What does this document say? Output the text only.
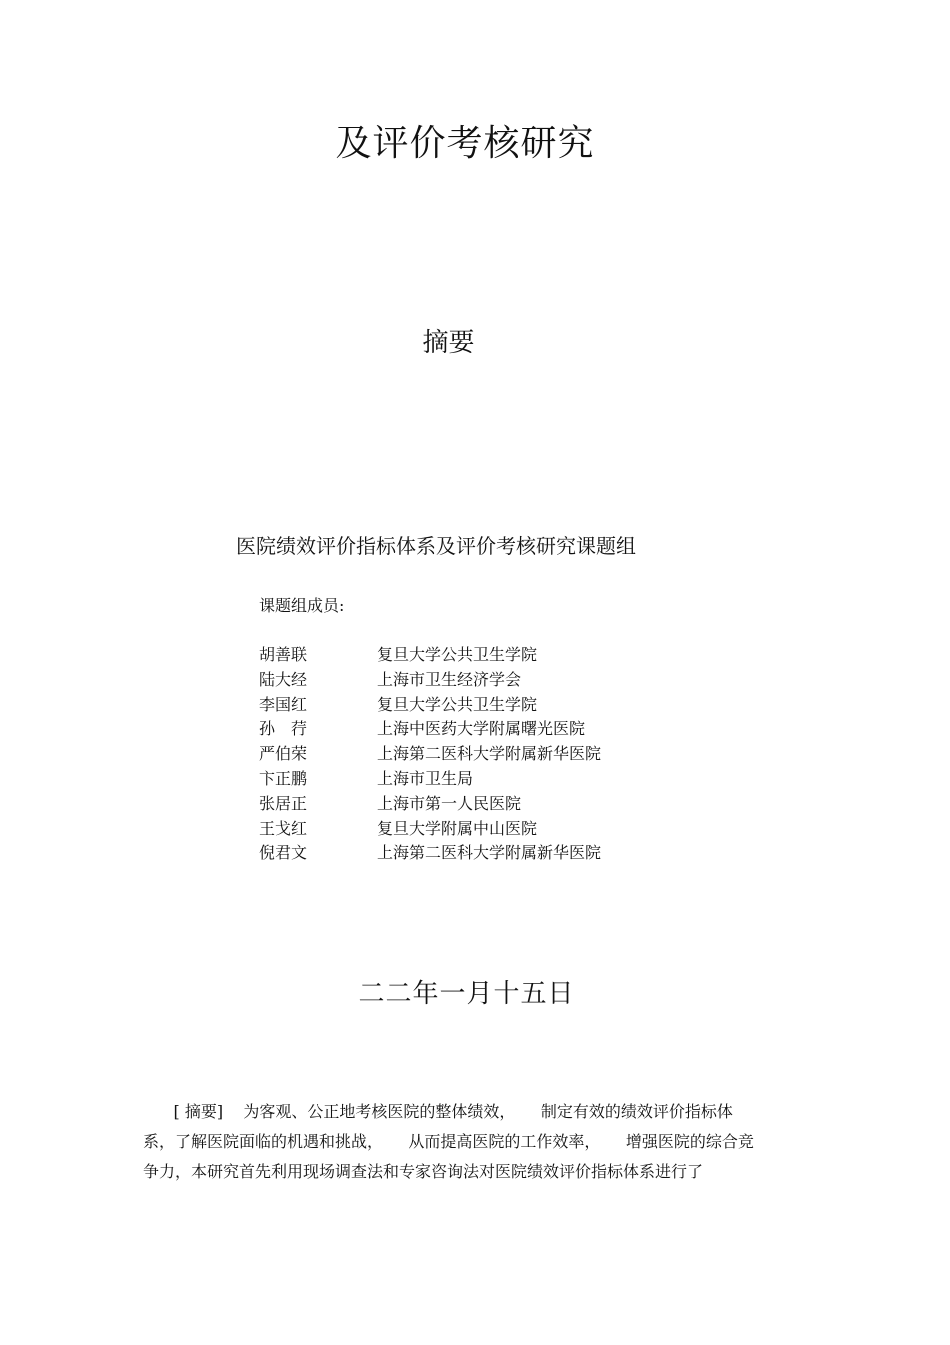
及评价考核研究
摘要
医院绩效评价指标体系及评价考核研究课题组
课题组成员:
胡善联	复旦大学公共卫生学院
陆大经	上海市卫生经济学会
李国红	复旦大学公共卫生学院
孙　荇	上海中医药大学附属曙光医院
严伯荣	上海第二医科大学附属新华医院
卞正鹏	上海市卫生局
张居正	上海市第一人民医院
王戈红	复旦大学附属中山医院
倪君文	上海第二医科大学附属新华医院
二二年一月十五日
[ 摘要]    为客观、公正地考核医院的整体绩效，     制定有效的绩效评价指标体
系，了解医院面临的机遇和挑战，     从而提高医院的工作效率，     增强医院的综合竞
争力，本研究首先利用现场调查法和专家咨询法对医院绩效评价指标体系进行了
